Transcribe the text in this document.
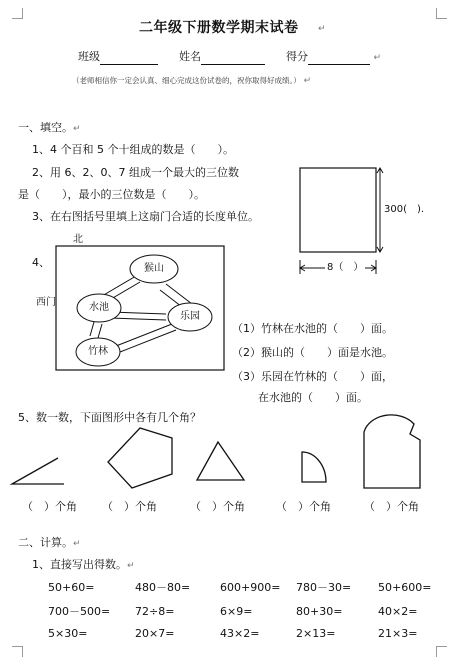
二年级下册数学期末试卷 ↵
班级	姓名	得分	↵
（老师相信你一定会认真、细心完成这份试卷的，祝你取得好成绩。） ↵
一、填空。↵
1、4 个百和 5 个十组成的数是（　　）。
2、用 6、2、0、7 组成一个最大的三位数
是（　　），最小的三位数是（　　）。
3、在右图括号里填上这扇门合适的长度单位。
300(　).
8（　）
北
4、
西门
猴山
水池
乐园
竹林
（1）竹林在水池的（　　）面。
（2）猴山的（　　）面是水池。
（3）乐园在竹林的（　　）面，
在水池的（　　）面。
5、数一数，下面图形中各有几个角？
（　）个角 （　）个角	（　）个角	（　）个角	（　）个角
二、计算。↵
1、直接写出得数。↵
50+60=	480－80=	600+900= 780－30= 50+600=
700－500= 72÷8=	6×9=	80+30=	40×2=
5×30=	20×7=	43×2=	2×13=	21×3=
